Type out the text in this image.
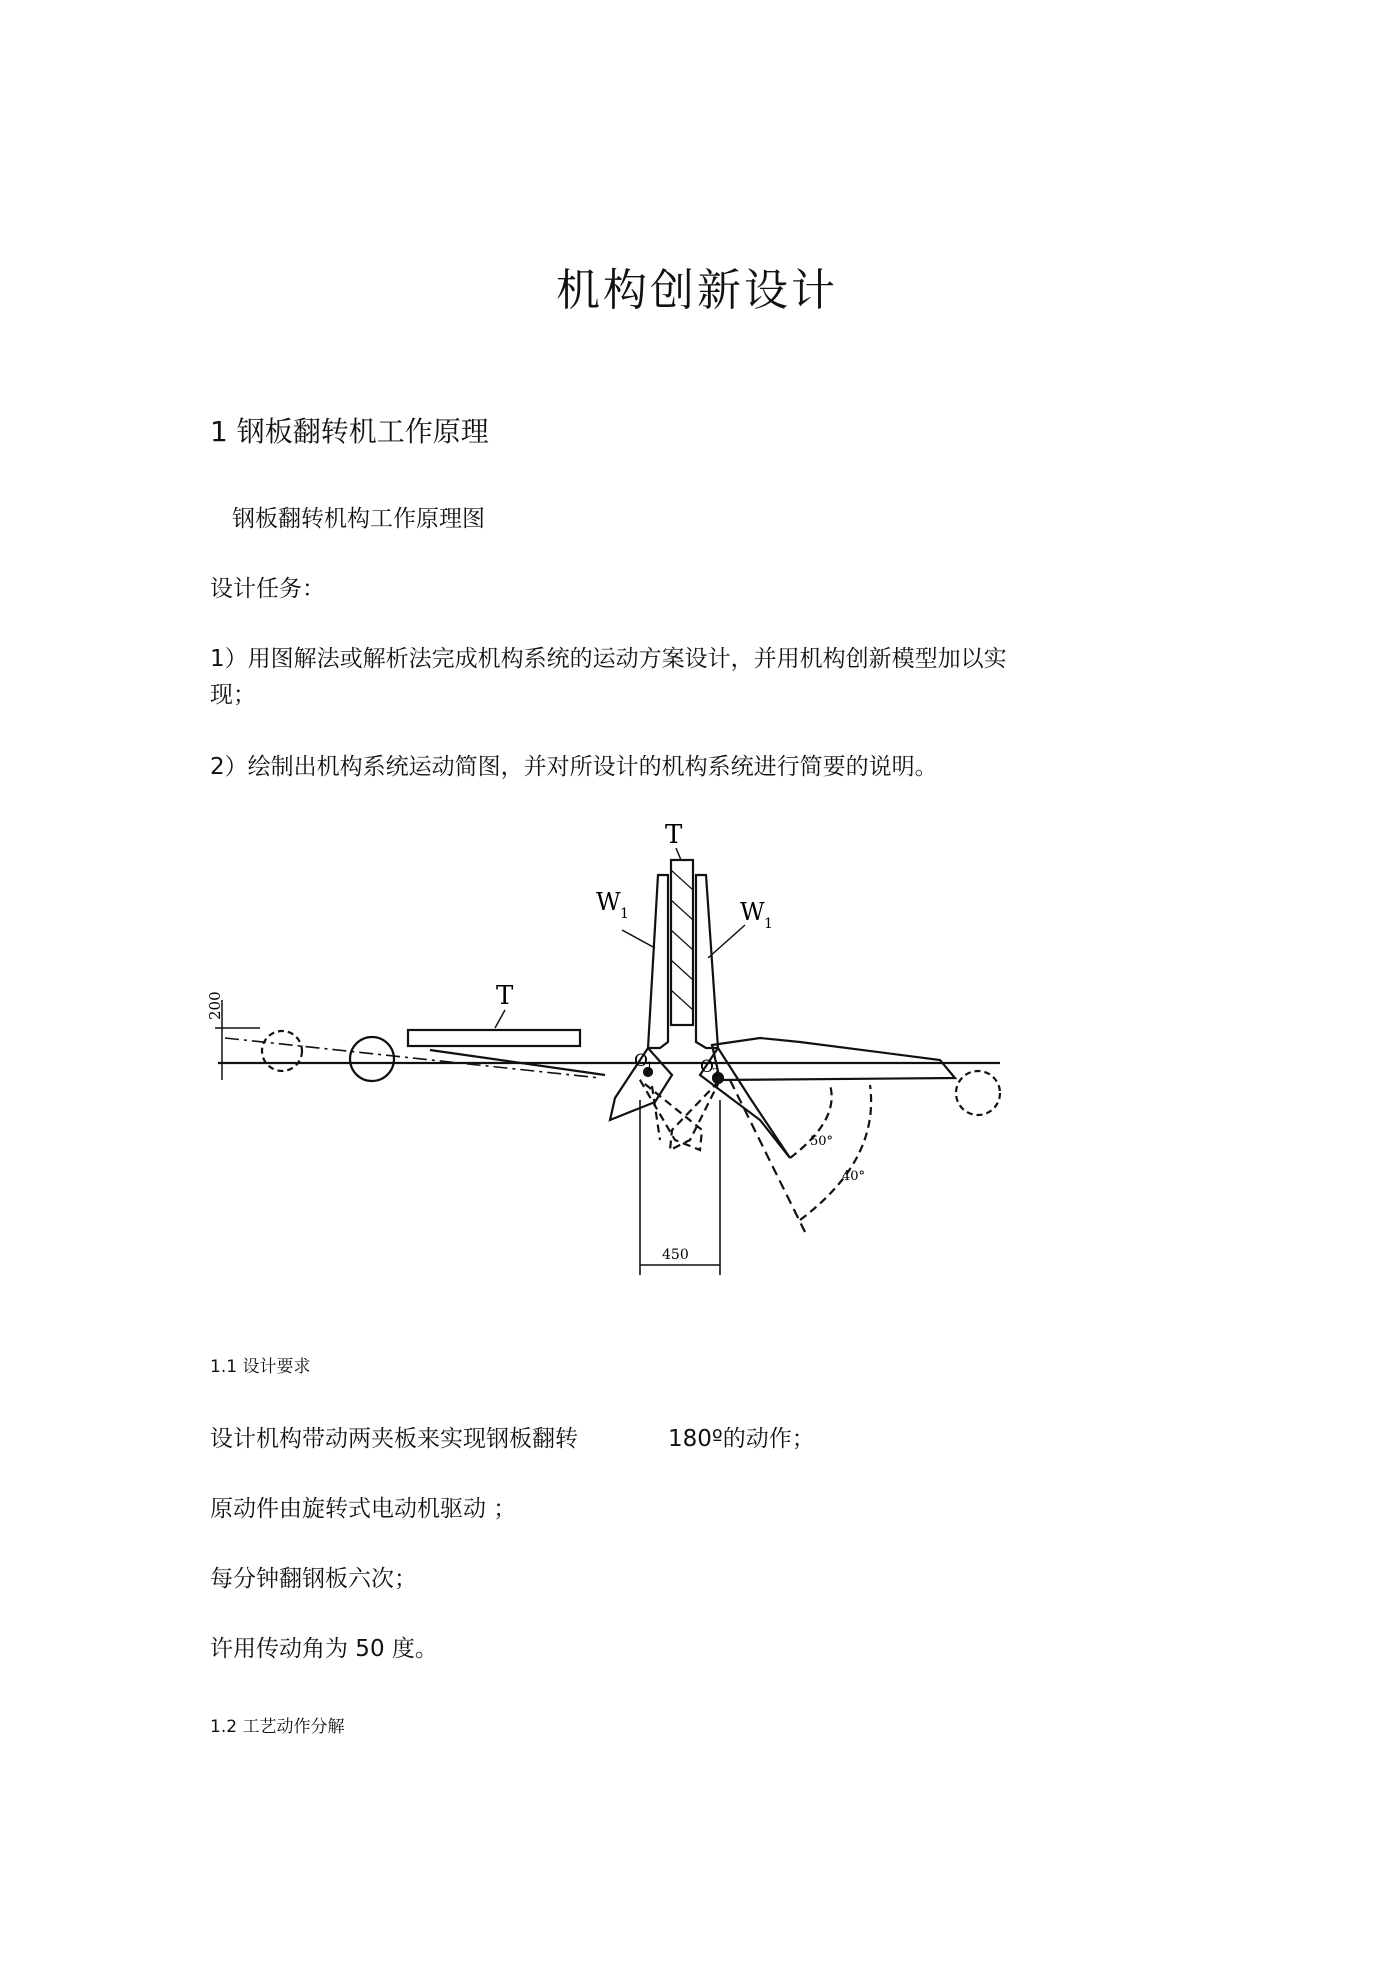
机构创新设计
1 钢板翻转机工作原理
钢板翻转机构工作原理图
设计任务：
1）用图解法或解析法完成机构系统的运动方案设计，并用机构创新模型加以实
现；
2）绘制出机构系统运动简图，并对所设计的机构系统进行简要的说明。
T
T
W 1	W 1
O
1	O
2
200
450
50°
40°
1.1 设计要求
设计机构带动两夹板来实现钢板翻转	180º的动作；
原动件由旋转式电动机驱动 ；
每分钟翻钢板六次；
许用传动角为 50 度。
1.2 工艺动作分解
